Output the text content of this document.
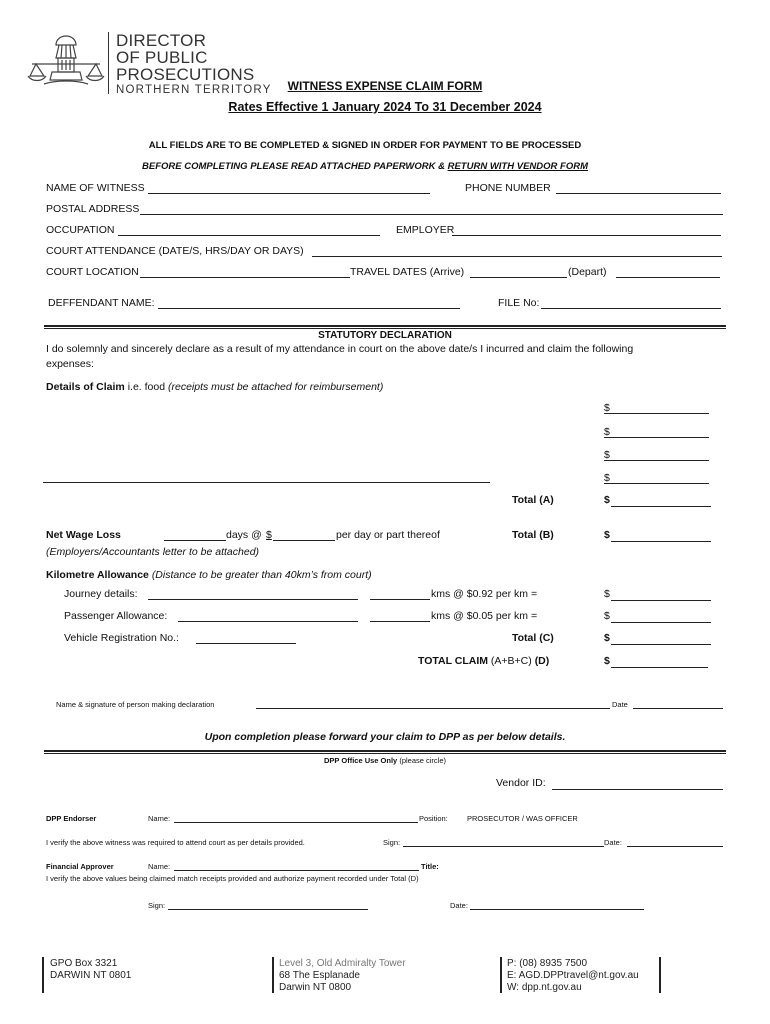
DIRECTOR
OF PUBLIC
PROSECUTIONS
NORTHERN TERRITORY	WITNESS EXPENSE CLAIM FORM
Rates Effective 1 January 2024 To 31 December 2024
ALL FIELDS ARE TO BE COMPLETED & SIGNED IN ORDER FOR PAYMENT TO BE PROCESSED
BEFORE COMPLETING PLEASE READ ATTACHED PAPERWORK & RETURN WITH VENDOR FORM
NAME OF WITNESS	PHONE NUMBER
POSTAL ADDRESS
OCCUPATION	EMPLOYER
COURT ATTENDANCE (DATE/S, HRS/DAY OR DAYS)
COURT LOCATION	TRAVEL DATES (Arrive)	(Depart)
DEFFENDANT NAME:	FILE No:
STATUTORY DECLARATION
I do solemnly and sincerely declare as a result of my attendance in court on the above date/s I incurred and claim the following
expenses:
Details of Claim i.e. food (receipts must be attached for reimbursement)
$
$
$
$
Total (A)	$
Net Wage Loss	days @ $	per day or part thereof	Total (B)	$
(Employers/Accountants letter to be attached)
Kilometre Allowance (Distance to be greater than 40km’s from court)
Journey details:	kms @ $0.92 per km =	$
Passenger Allowance:	kms @ $0.05 per km =	$
Vehicle Registration No.:	Total (C)	$
TOTAL CLAIM (A+B+C) (D)	$
Name & signature of person making declaration	Date
Upon completion please forward your claim to DPP as per below details.
DPP Office Use Only (please circle)
Vendor ID:
DPP Endorser	Name:	Position:	PROSECUTOR / WAS OFFICER
I verify the above witness was required to attend court as per details provided.	Sign:	Date:
Financial Approver	Name:	Title:
I verify the above values being claimed match receipts provided and authorize payment recorded under Total (D)
Sign:	Date:
GPO Box 3321
DARWIN NT 0801
Level 3, Old Admiralty Tower
68 The Esplanade
Darwin NT 0800
P: (08) 8935 7500
E: AGD.DPPtravel@nt.gov.au
W: dpp.nt.gov.au
